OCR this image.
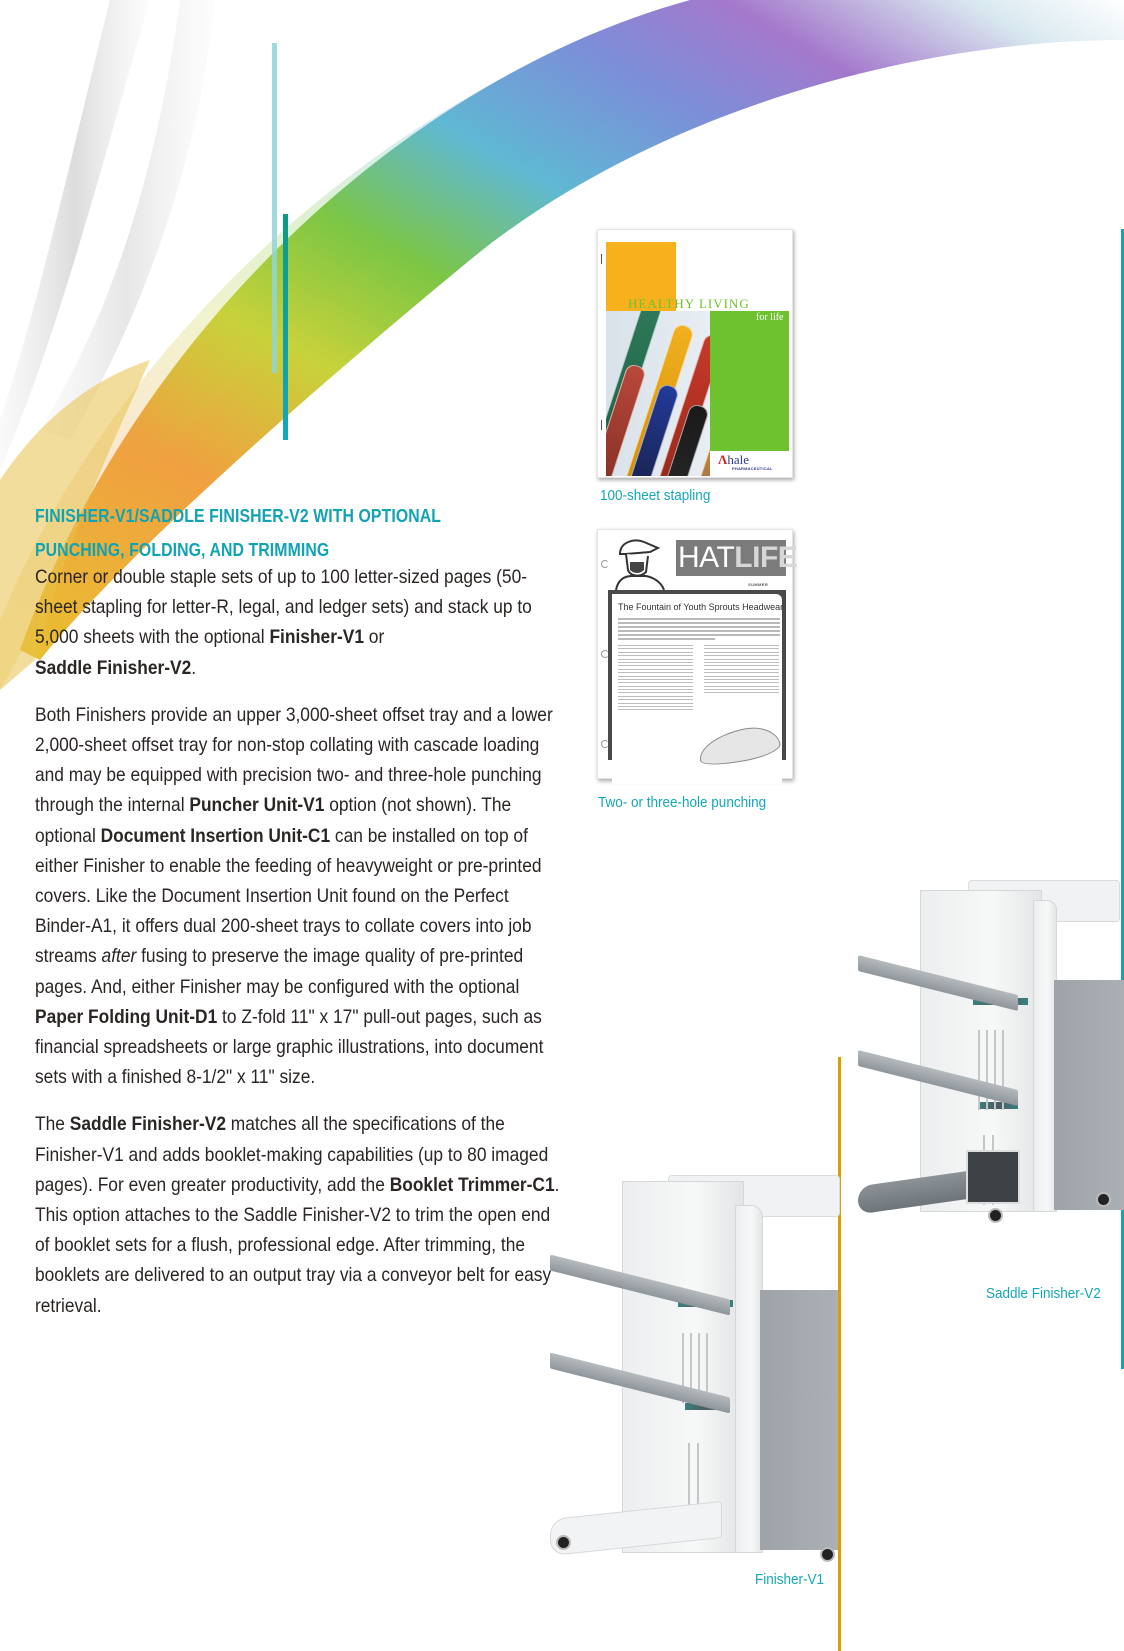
FINISHER-V1/SADDLE FINISHER-V2 WITH OPTIONAL
PUNCHING, FOLDING, AND TRIMMING

Corner or double staple sets of up to 100 letter-sized pages (50-sheet stapling for letter-R, legal, and ledger sets) and stack up to 5,000 sheets with the optional Finisher-V1 or
Saddle Finisher-V2.

Both Finishers provide an upper 3,000-sheet offset tray and a lower 2,000-sheet offset tray for non-stop collating with cascade loading and may be equipped with precision two- and three-hole punching through the internal Puncher Unit-V1 option (not shown). The optional Document Insertion Unit-C1 can be installed on top of either Finisher to enable the feeding of heavyweight or pre-printed covers. Like the Document Insertion Unit found on the Perfect Binder-A1, it offers dual 200-sheet trays to collate covers into job streams after fusing to preserve the image quality of pre-printed pages. And, either Finisher may be configured with the optional Paper Folding Unit-D1 to Z-fold 11" x 17" pull-out pages, such as financial spreadsheets or large graphic illustrations, into document sets with a finished 8-1/2" x 11" size.

The Saddle Finisher-V2 matches all the specifications of the Finisher-V1 and adds booklet-making capabilities (up to 80 imaged pages). For even greater productivity, add the Booklet Trimmer-C1. This option attaches to the Saddle Finisher-V2 to trim the open end of booklet sets for a flush, professional edge. After trimming, the booklets are delivered to an output tray via a conveyor belt for easy retrieval.

HEALTHY LIVING
for life
Λhale
PHARMACEUTICAL
100-sheet stapling
HATLIFE
SUMMER
The Fountain of Youth Sprouts Headwear
Two- or three-hole punching
Saddle Finisher-V2
Finisher-V1
